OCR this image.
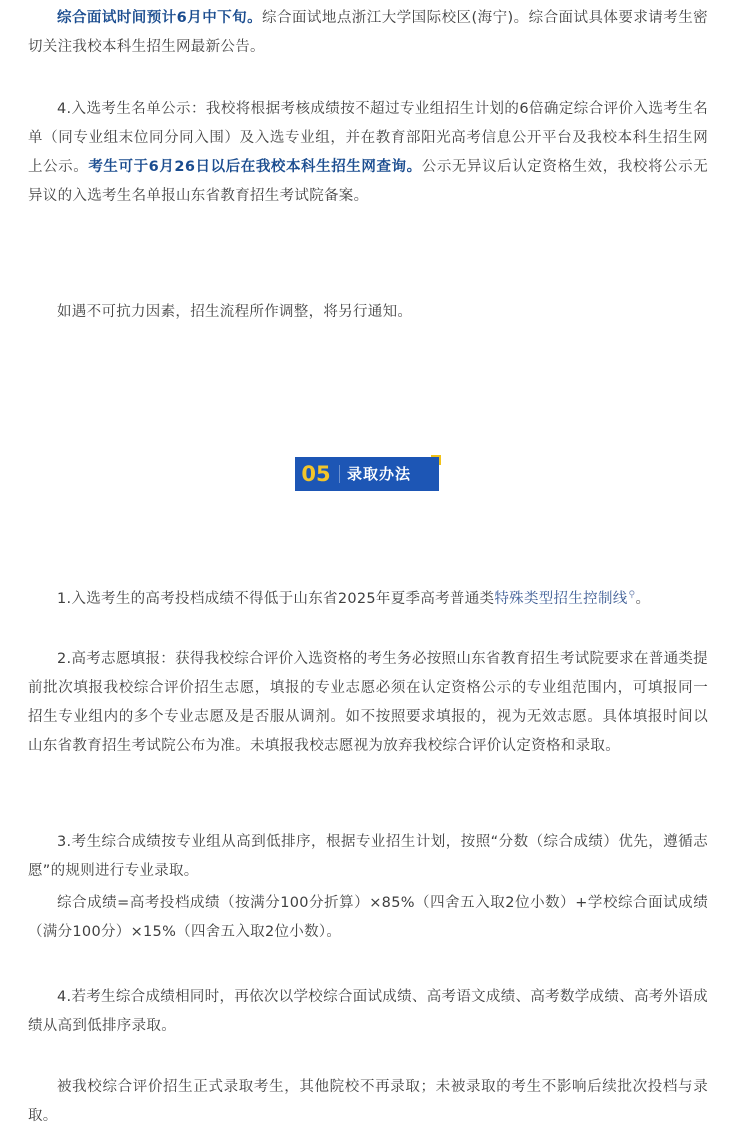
综合面试时间预计6月中下旬。综合面试地点浙江大学国际校区(海宁)。综合面试具体要求请考生密切关注我校本科生招生网最新公告。

4.入选考生名单公示：我校将根据考核成绩按不超过专业组招生计划的6倍确定综合评价入选考生名单（同专业组末位同分同入围）及入选专业组，并在教育部阳光高考信息公开平台及我校本科生招生网上公示。考生可于6月26日以后在我校本科生招生网查询。公示无异议后认定资格生效，我校将公示无异议的入选考生名单报山东省教育招生考试院备案。

如遇不可抗力因素，招生流程所作调整，将另行通知。

1.入选考生的高考投档成绩不得低于山东省2025年夏季高考普通类特殊类型招生控制线⚲。

2.高考志愿填报：获得我校综合评价入选资格的考生务必按照山东省教育招生考试院要求在普通类提前批次填报我校综合评价招生志愿，填报的专业志愿必须在认定资格公示的专业组范围内，可填报同一招生专业组内的多个专业志愿及是否服从调剂。如不按照要求填报的，视为无效志愿。具体填报时间以山东省教育招生考试院公布为准。未填报我校志愿视为放弃我校综合评价认定资格和录取。

3.考生综合成绩按专业组从高到低排序，根据专业招生计划，按照“分数（综合成绩）优先，遵循志愿”的规则进行专业录取。

综合成绩=高考投档成绩（按满分100分折算）×85%（四舍五入取2位小数）+学校综合面试成绩（满分100分）×15%（四舍五入取2位小数）。

4.若考生综合成绩相同时，再依次以学校综合面试成绩、高考语文成绩、高考数学成绩、高考外语成绩从高到低排序录取。

被我校综合评价招生正式录取考生，其他院校不再录取；未被录取的考生不影响后续批次投档与录取。

05	录取办法
